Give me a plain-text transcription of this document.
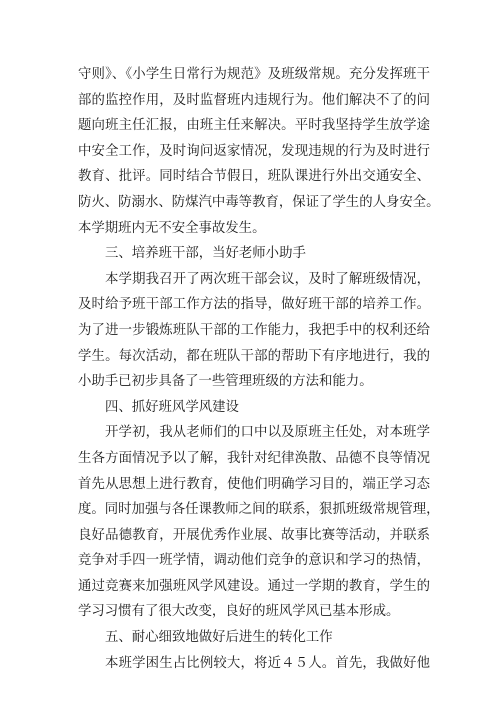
守则》、《小学生日常行为规范》及班级常规。充分发挥班干
部的监控作用，及时监督班内违规行为。他们解决不了的问
题向班主任汇报，由班主任来解决。平时我坚持学生放学途
中安全工作，及时询问返家情况，发现违规的行为及时进行
教育、批评。同时结合节假日，班队课进行外出交通安全、
防火、防溺水、防煤汽中毒等教育，保证了学生的人身安全。
本学期班内无不安全事故发生。
三、培养班干部，当好老师小助手
本学期我召开了两次班干部会议，及时了解班级情况，
及时给予班干部工作方法的指导，做好班干部的培养工作。
为了进一步锻炼班队干部的工作能力，我把手中的权利还给
学生。每次活动，都在班队干部的帮助下有序地进行，我的
小助手已初步具备了一些管理班级的方法和能力。
四、抓好班风学风建设
开学初，我从老师们的口中以及原班主任处，对本班学
生各方面情况予以了解，我针对纪律涣散、品德不良等情况
首先从思想上进行教育，使他们明确学习目的，端正学习态
度。同时加强与各任课教师之间的联系，狠抓班级常规管理，
良好品德教育，开展优秀作业展、故事比赛等活动，并联系
竞争对手四一班学情，调动他们竞争的意识和学习的热情，
通过竞赛来加强班风学风建设。通过一学期的教育，学生的
学习习惯有了很大改变，良好的班风学风已基本形成。
五、耐心细致地做好后进生的转化工作
本班学困生占比例较大，将近４５人。首先，我做好他
